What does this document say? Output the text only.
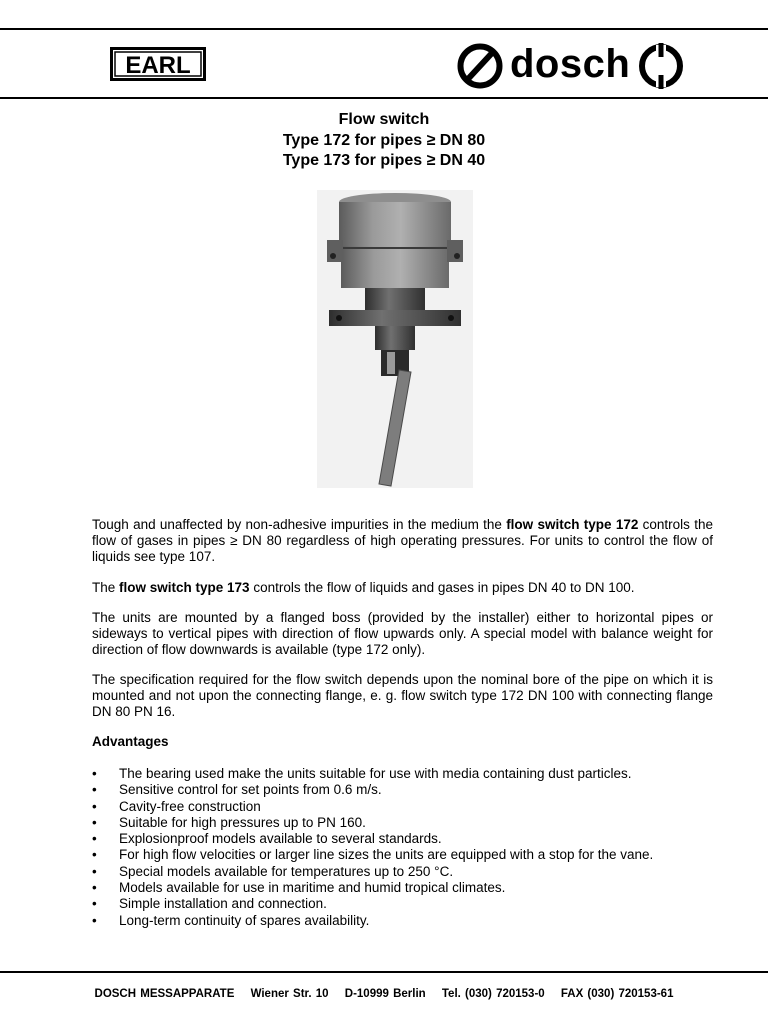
EARL	dosch
Flow switch
Type 172 for pipes ≥ DN 80
Type 173 for pipes ≥ DN 40

Tough and unaffected by non-adhesive impurities in the medium the flow switch type 172 controls the flow of gases in pipes ≥ DN 80 regardless of high operating pressures. For units to control the flow of liquids see type 107.

The flow switch type 173 controls the flow of liquids and gases in pipes DN 40 to DN 100.

The units are mounted by a flanged boss (provided by the installer) either to horizontal pipes or sideways to vertical pipes with direction of flow upwards only. A special model with balance weight for direction of flow downwards is available (type 172 only).

The specification required for the flow switch depends upon the nominal bore of the pipe on which it is mounted and not upon the connecting flange, e. g. flow switch type 172 DN 100 with connecting flange DN 80 PN 16.

Advantages
•	The bearing used make the units suitable for use with media containing dust particles.
•	Sensitive control for set points from 0.6 m/s.
•	Cavity-free construction
•	Suitable for high pressures up to PN 160.
•	Explosionproof models available to several standards.
•	For high flow velocities or larger line sizes the units are equipped with a stop for the vane.
•	Special models available for temperatures up to 250 °C.
•	Models available for use in maritime and humid tropical climates.
•	Simple installation and connection.
•	Long-term continuity of spares availability.
DOSCH MESSAPPARATE Wiener Str. 10 D-10999 Berlin Tel. (030) 720153-0 FAX (030) 720153-61
